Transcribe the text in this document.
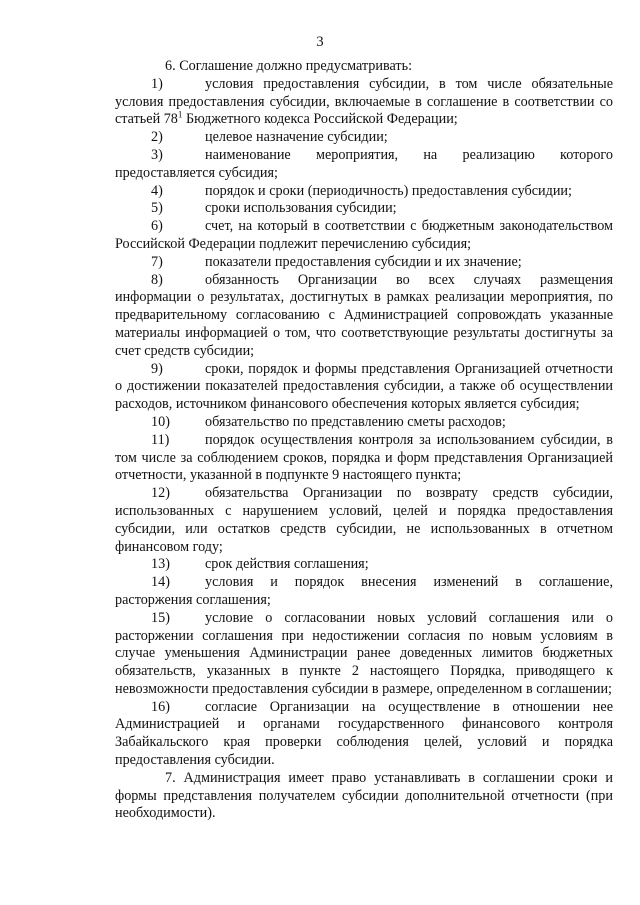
3

6. Соглашение должно предусматривать:

1)	условия предоставления субсидии, в том числе обязательные условия предоставления субсидии, включаемые в соглашение в соответствии со статьей $78^1$ Бюджетного кодекса Российской Федерации;

2)	целевое назначение субсидии;

3)	наименование мероприятия, на реализацию которого предоставляется субсидия;

4)	порядок и сроки (периодичность) предоставления субсидии;

5)	сроки использования субсидии;

6)	счет, на который в соответствии с бюджетным законодательством Российской Федерации подлежит перечислению субсидия;

7)	показатели предоставления субсидии и их значение;

8)	обязанность Организации во всех случаях размещения информации о результатах, достигнутых в рамках реализации мероприятия, по предварительному согласованию с Администрацией сопровождать указанные материалы информацией о том, что соответствующие результаты достигнуты за счет средств субсидии;

9)	сроки, порядок и формы представления Организацией отчетности о достижении показателей предоставления субсидии, а также об осуществлении расходов, источником финансового обеспечения которых является субсидия;

10) обязательство по представлению сметы расходов;

11)	порядок осуществления контроля за использованием субсидии, в том числе за соблюдением сроков, порядка и форм представления Организацией отчетности, указанной в подпункте 9 настоящего пункта;

12) обязательства Организации по возврату средств субсидии, использованных с нарушением условий, целей и порядка предоставления субсидии, или остатков средств субсидии, не использованных в отчетном финансовом году;

13) срок действия соглашения;

14) условия и порядок внесения изменений в соглашение, расторжения соглашения;

15) условие о согласовании новых условий соглашения или о расторжении соглашения при недостижении согласия по новым условиям в случае уменьшения Администрации ранее доведенных лимитов бюджетных обязательств, указанных в пункте 2 настоящего Порядка, приводящего к невозможности предоставления субсидии в размере, определенном в соглашении;

16) согласие Организации на осуществление в отношении нее Администрацией и органами государственного финансового контроля Забайкальского края проверки соблюдения целей, условий и порядка предоставления субсидии.

7. Администрация имеет право устанавливать в соглашении сроки и формы представления получателем субсидии дополнительной отчетности (при необходимости).
